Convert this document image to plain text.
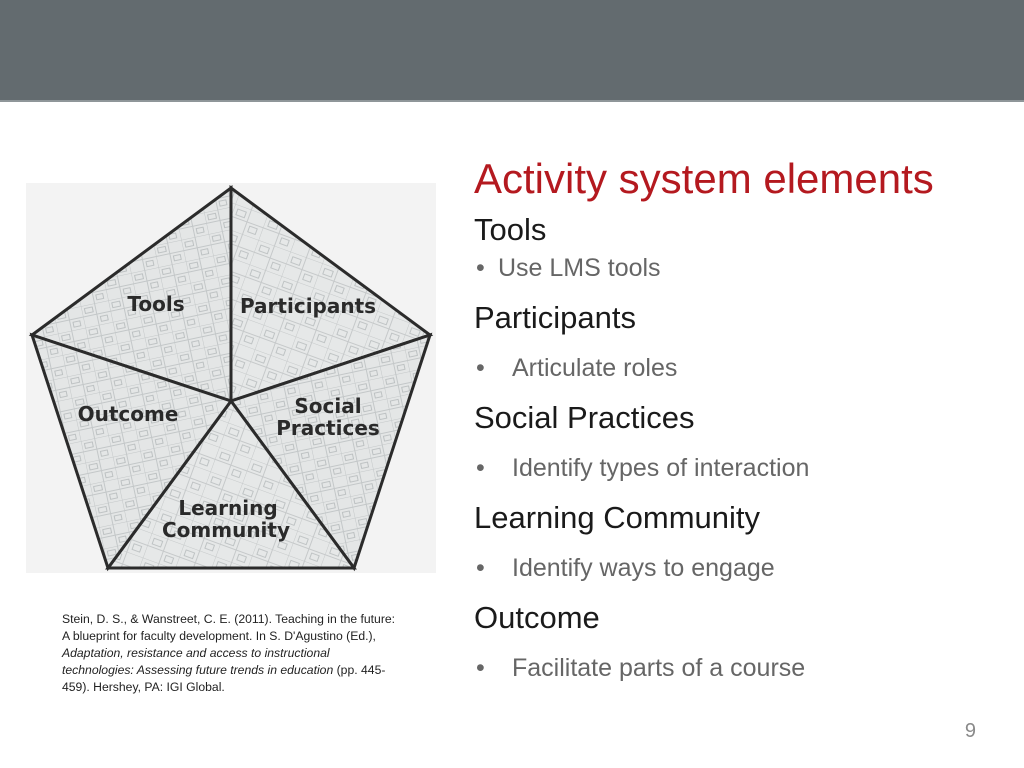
Tools	Participants
Outcome	Social
Practices
Learning
Community
Stein, D. S., & Wanstreet, C. E. (2011). Teaching in the future: A blueprint for faculty development. In S. D'Agustino (Ed.), Adaptation, resistance and access to instructional technologies: Assessing future trends in education (pp. 445-459). Hershey, PA: IGI Global.
Activity system elements
Tools
• Use LMS tools
Participants
•	Articulate roles
Social Practices
•	Identify types of interaction
Learning Community
•	Identify ways to engage
Outcome
•	Facilitate parts of a course
9
